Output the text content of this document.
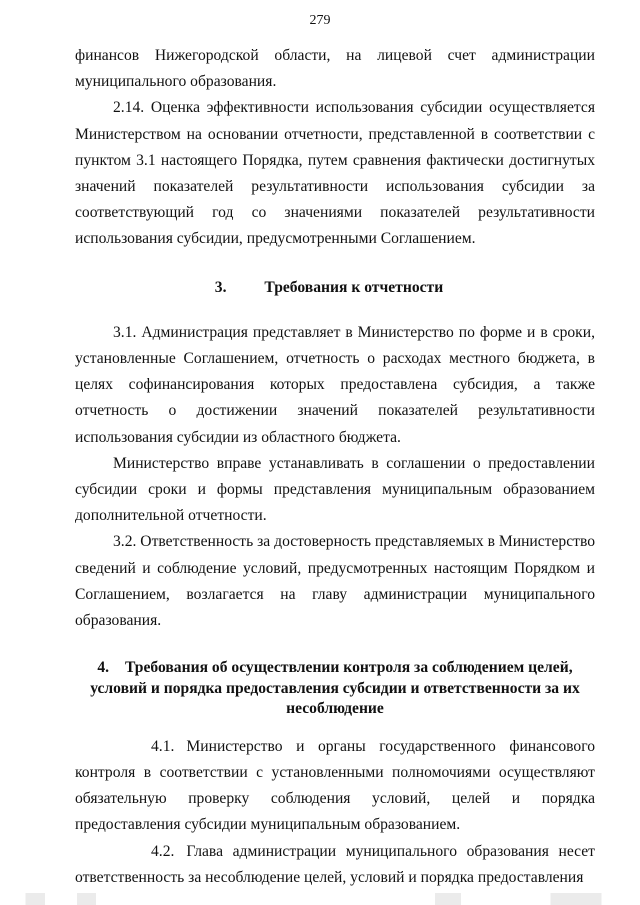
279

финансов Нижегородской области, на лицевой счет администрации муниципального образования.

2.14. Оценка эффективности использования субсидии осуществляется Министерством на основании отчетности, представленной в соответствии с пунктом 3.1 настоящего Порядка, путем сравнения фактически достигнутых значений показателей результативности использования субсидии за соответствующий год со значениями показателей результативности использования субсидии, предусмотренными Соглашением.

3. Требования к отчетности

3.1. Администрация представляет в Министерство по форме и в сроки, установленные Соглашением, отчетность о расходах местного бюджета, в целях софинансирования которых предоставлена субсидия, а также отчетность о достижении значений показателей результативности использования субсидии из областного бюджета.

Министерство вправе устанавливать в соглашении о предоставлении субсидии сроки и формы представления муниципальным образованием дополнительной отчетности.

3.2. Ответственность за достоверность представляемых в Министерство сведений и соблюдение условий, предусмотренных настоящим Порядком и Соглашением, возлагается на главу администрации муниципального образования.

4. Требования об осуществлении контроля за соблюдением целей, условий и порядка предоставления субсидии и ответственности за их несоблюдение

4.1. Министерство и органы государственного финансового контроля в соответствии с установленными полномочиями осуществляют обязательную проверку соблюдения условий, целей и порядка предоставления субсидии муниципальным образованием.

4.2. Глава администрации муниципального образования несет ответственность за несоблюдение целей, условий и порядка предоставления
